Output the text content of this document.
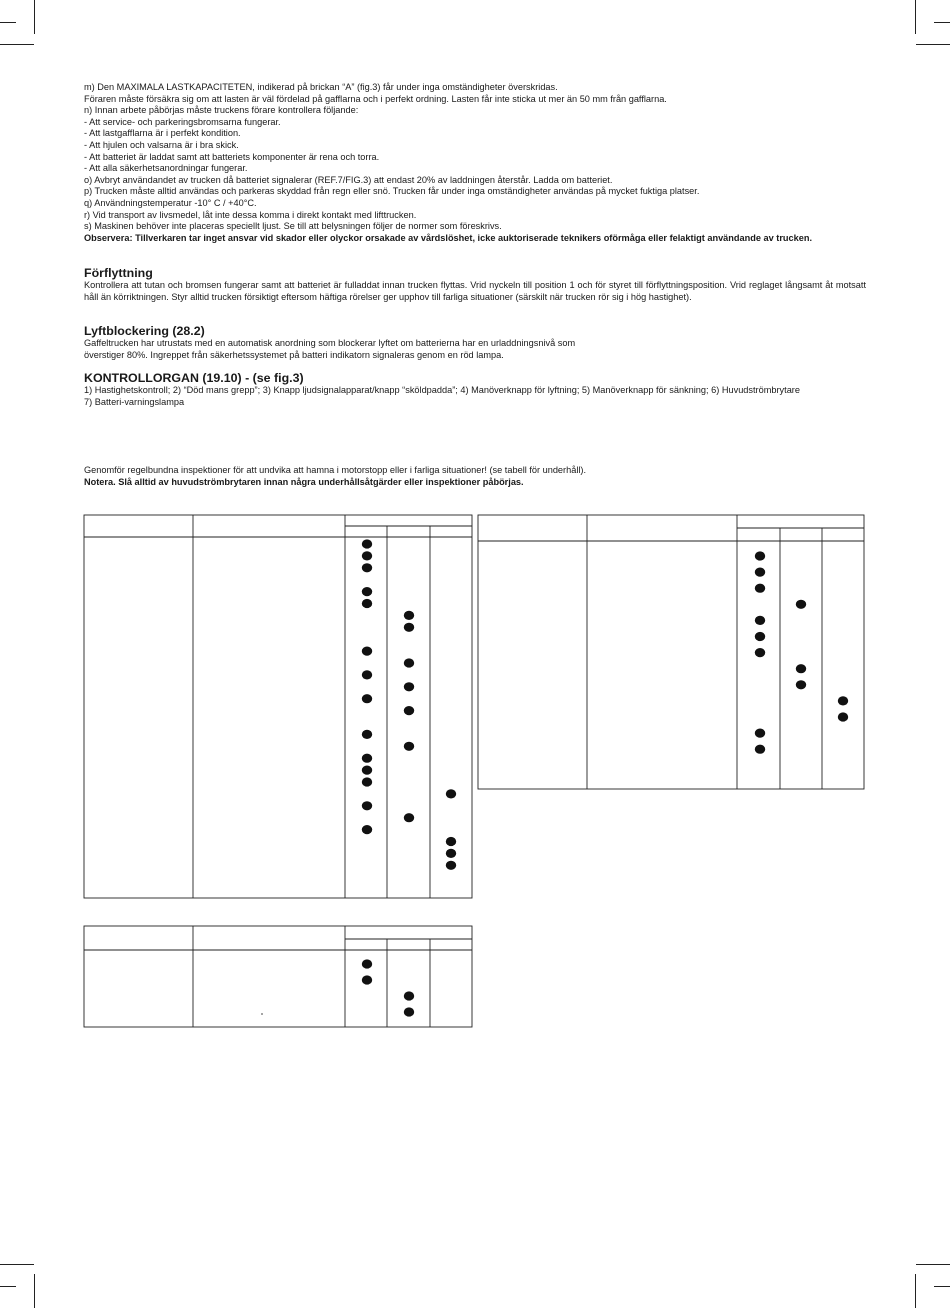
m) Den MAXIMALA LASTKAPACITETEN, indikerad på brickan “A” (fig.3) får under inga omständigheter överskridas.

Föraren måste försäkra sig om att lasten är väl fördelad på gafflarna och i perfekt ordning. Lasten får inte sticka ut mer än 50 mm från gafflarna.

n) Innan arbete påbörjas måste truckens förare kontrollera följande:

- Att service- och parkeringsbromsarna fungerar.

- Att lastgafflarna är i perfekt kondition.

- Att hjulen och valsarna är i bra skick.

- Att batteriet är laddat samt att batteriets komponenter är rena och torra.

- Att alla säkerhetsanordningar fungerar.

o) Avbryt användandet av trucken då batteriet signalerar (REF.7/FIG.3) att endast 20% av laddningen återstår. Ladda om batteriet.

p) Trucken måste alltid användas och parkeras skyddad från regn eller snö. Trucken får under inga omständigheter användas på mycket fuktiga platser.

q) Användningstemperatur -10° C / +40°C.

r) Vid transport av livsmedel, låt inte dessa komma i direkt kontakt med lifttrucken.

s) Maskinen behöver inte placeras speciellt ljust. Se till att belysningen följer de normer som föreskrivs.

Observera: Tillverkaren tar inget ansvar vid skador eller olyckor orsakade av vårdslöshet, icke auktoriserade teknikers oförmåga eller felaktigt användande av trucken.

Förflyttning

Kontrollera att tutan och bromsen fungerar samt att batteriet är fulladdat innan trucken flyttas. Vrid nyckeln till position 1 och för styret till förflyttningsposition. Vrid reglaget långsamt åt motsatt håll än körriktningen. Styr alltid trucken försiktigt eftersom häftiga rörelser ger upphov till farliga situationer (särskilt när trucken rör sig i hög hastighet).

Lyftblockering (28.2)

Gaffeltrucken har utrustats med en automatisk anordning som blockerar lyftet om batterierna har en urladdningsnivå som

överstiger 80%. Ingreppet från säkerhetssystemet på batteri indikatorn signaleras genom en röd lampa.

KONTROLLORGAN (19.10) - (se fig.3)

1) Hastighetskontroll; 2) “Död mans grepp”; 3) Knapp ljudsignalapparat/knapp “sköldpadda”; 4) Manöverknapp för lyftning; 5) Manöverknapp för sänkning; 6) Huvudströmbrytare

7) Batteri-varningslampa

Genomför regelbundna inspektioner för att undvika att hamna i motorstopp eller i farliga situationer! (se tabell för underhåll).

Notera. Slå alltid av huvudströmbrytaren innan några underhållsåtgärder eller inspektioner påbörjas.
